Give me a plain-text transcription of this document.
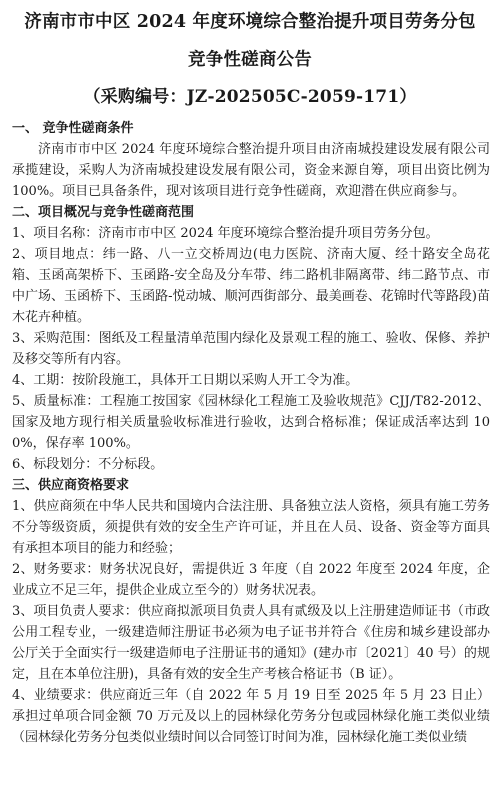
济南市市中区 2024 年度环境综合整治提升项目劳务分包
竞争性磋商公告
（采购编号：JZ-202505C-2059-171）

一、 竞争性磋商条件

济南市市中区 2024 年度环境综合整治提升项目由济南城投建设发展有限公司承揽建设，采购人为济南城投建设发展有限公司，资金来源自筹，项目出资比例为 100%。项目已具备条件，现对该项目进行竞争性磋商，欢迎潜在供应商参与。

二、项目概况与竞争性磋商范围

1、项目名称：济南市市中区 2024 年度环境综合整治提升项目劳务分包。

2、项目地点：纬一路、八一立交桥周边(电力医院、济南大厦、经十路安全岛花箱、玉函高架桥下、玉函路-安全岛及分车带、纬二路机非隔离带、纬二路节点、市中广场、玉函桥下、玉函路-悦动城、顺河西街部分、最美画卷、花锦时代等路段)苗木花卉种植。

3、采购范围：图纸及工程量清单范围内绿化及景观工程的施工、验收、保修、养护及移交等所有内容。

4、工期：按阶段施工，具体开工日期以采购人开工令为准。

5、质量标准：工程施工按国家《园林绿化工程施工及验收规范》CJJ/T82-2012、国家及地方现行相关质量验收标准进行验收，达到合格标准；保证成活率达到 100%，保存率 100%。

6、标段划分：不分标段。

三、供应商资格要求

1、供应商须在中华人民共和国境内合法注册、具备独立法人资格，须具有施工劳务不分等级资质，须提供有效的安全生产许可证，并且在人员、设备、资金等方面具有承担本项目的能力和经验；

2、财务要求：财务状况良好，需提供近 3 年度（自 2022 年度至 2024 年度，企业成立不足三年，提供企业成立至今的）财务状况表。

3、项目负责人要求：供应商拟派项目负责人具有贰级及以上注册建造师证书（市政公用工程专业，一级建造师注册证书必须为电子证书并符合《住房和城乡建设部办公厅关于全面实行一级建造师电子注册证书的通知》(建办市〔2021〕40 号）的规定，且在本单位注册)，具备有效的安全生产考核合格证书（B 证）。

4、业绩要求：供应商近三年（自 2022 年 5 月 19 日至 2025 年 5 月 23 日止）承担过单项合同金额 70 万元及以上的园林绿化劳务分包或园林绿化施工类似业绩（园林绿化劳务分包类似业绩时间以合同签订时间为准，园林绿化施工类似业绩
